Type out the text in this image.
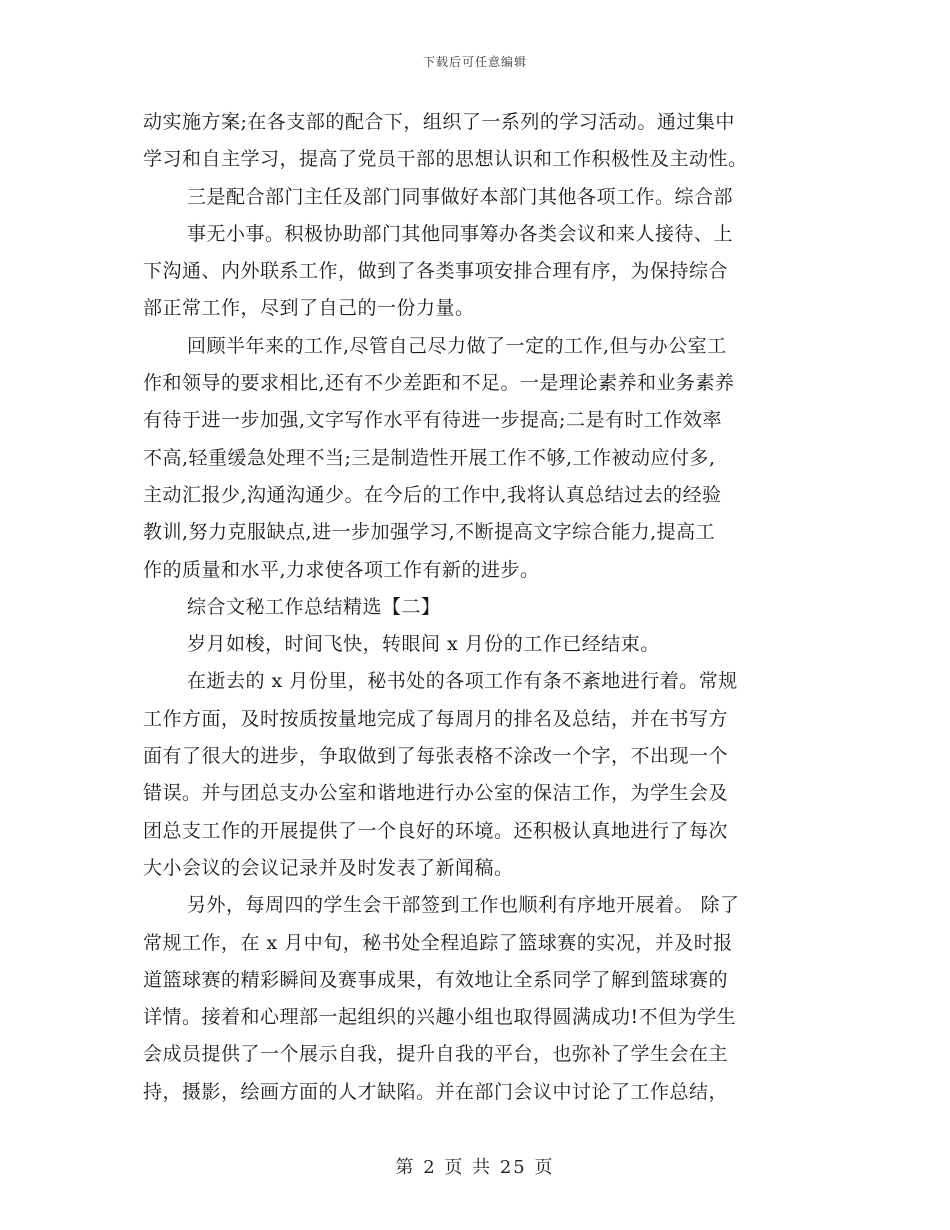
下载后可任意编辑
动实施方案;在各支部的配合下，组织了一系列的学习活动。通过集中
学习和自主学习，提高了党员干部的思想认识和工作积极性及主动性。
三是配合部门主任及部门同事做好本部门其他各项工作。综合部
事无小事。积极协助部门其他同事筹办各类会议和来人接待、上
下沟通、内外联系工作，做到了各类事项安排合理有序，为保持综合
部正常工作，尽到了自己的一份力量。
回顾半年来的工作,尽管自己尽力做了一定的工作,但与办公室工
作和领导的要求相比,还有不少差距和不足。一是理论素养和业务素养
有待于进一步加强,文字写作水平有待进一步提高;二是有时工作效率
不高,轻重缓急处理不当;三是制造性开展工作不够,工作被动应付多,
主动汇报少,沟通沟通少。在今后的工作中,我将认真总结过去的经验
教训,努力克服缺点,进一步加强学习,不断提高文字综合能力,提高工
作的质量和水平,力求使各项工作有新的进步。
综合文秘工作总结精选【二】
岁月如梭，时间飞快，转眼间 x 月份的工作已经结束。
在逝去的 x 月份里，秘书处的各项工作有条不紊地进行着。常规
工作方面，及时按质按量地完成了每周月的排名及总结，并在书写方
面有了很大的进步，争取做到了每张表格不涂改一个字，不出现一个
错误。并与团总支办公室和谐地进行办公室的保洁工作，为学生会及
团总支工作的开展提供了一个良好的环境。还积极认真地进行了每次
大小会议的会议记录并及时发表了新闻稿。
另外，每周四的学生会干部签到工作也顺利有序地开展着。 除了
常规工作，在 x 月中旬，秘书处全程追踪了篮球赛的实况，并及时报
道篮球赛的精彩瞬间及赛事成果，有效地让全系同学了解到篮球赛的
详情。接着和心理部一起组织的兴趣小组也取得圆满成功!不但为学生
会成员提供了一个展示自我，提升自我的平台，也弥补了学生会在主
持，摄影，绘画方面的人才缺陷。并在部门会议中讨论了工作总结，
第 2 页 共 25 页
